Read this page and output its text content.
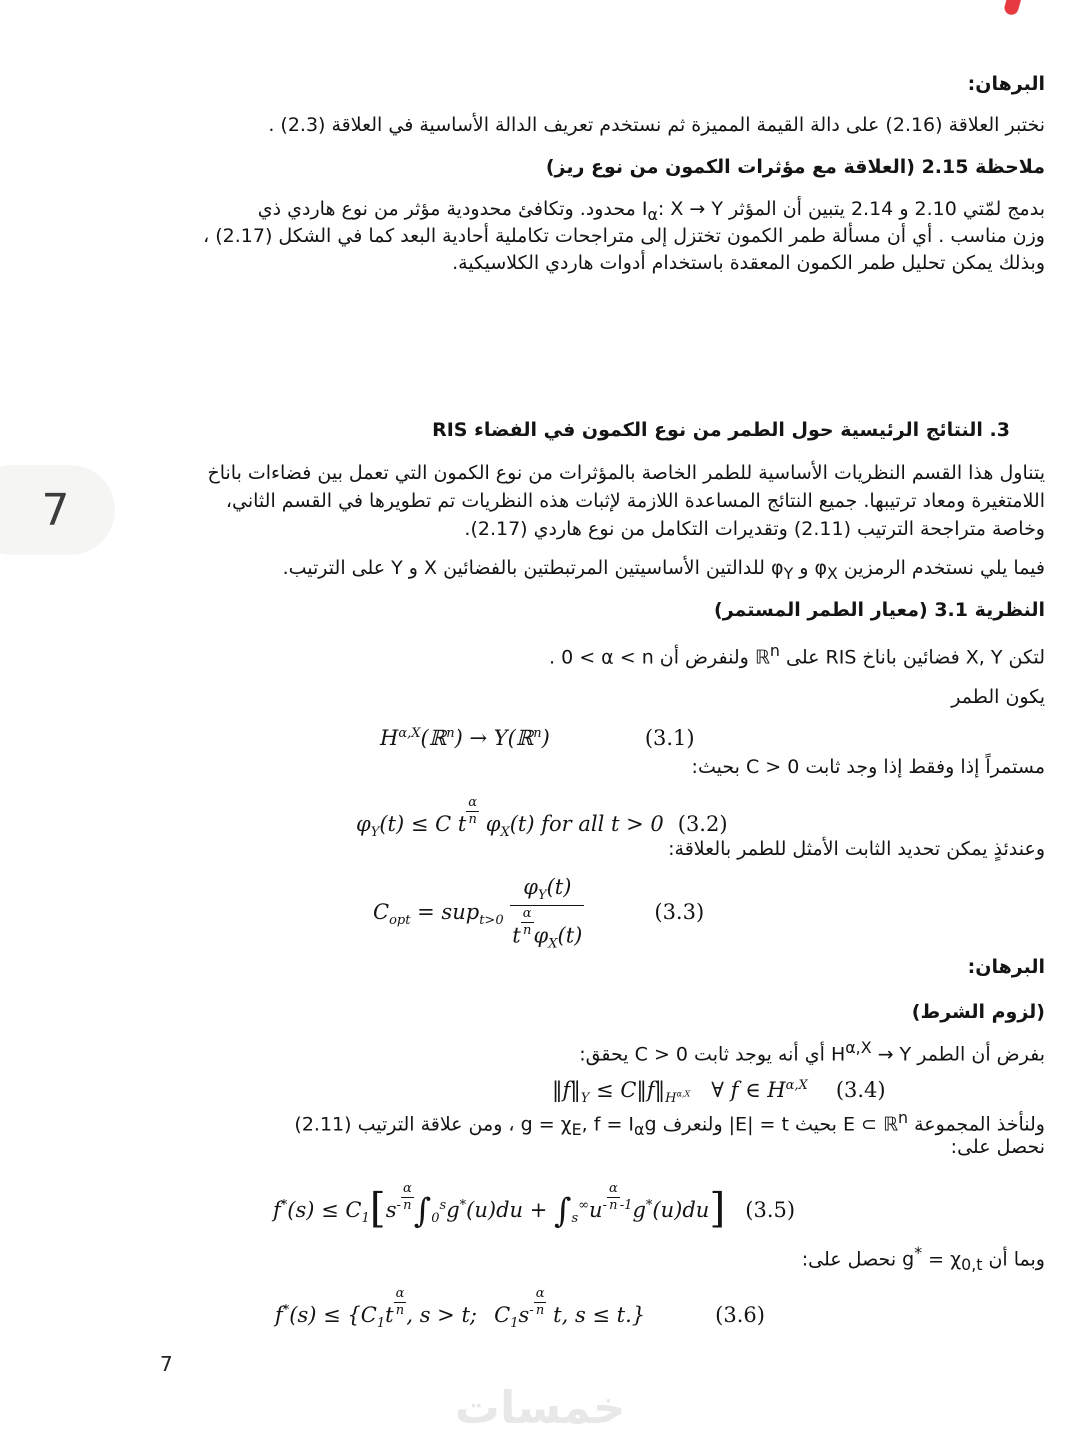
7
البرهان:
نختبر العلاقة (2.16) على دالة القيمة المميزة ثم نستخدم تعريف الدالة الأساسية في العلاقة (2.3) .
ملاحظة 2.15 (العلاقة مع مؤثرات الكمون من نوع ريز)
بدمج لمّتي 2.10 و 2.14 يتبين أن المؤثر $I_\alpha$: X → Y محدود. وتكافئ محدودية مؤثر من نوع هاردي ذي
وزن مناسب . أي أن مسألة طمر الكمون تختزل إلى متراجحات تكاملية أحادية البعد كما في الشكل (2.17) ،
وبذلك يمكن تحليل طمر الكمون المعقدة باستخدام أدوات هاردي الكلاسيكية.
3. النتائج الرئيسية حول الطمر من نوع الكمون في الفضاء RIS
يتناول هذا القسم النظريات الأساسية للطمر الخاصة بالمؤثرات من نوع الكمون التي تعمل بين فضاءات باناخ
اللامتغيرة ومعاد ترتيبها. جميع النتائج المساعدة اللازمة لإثبات هذه النظريات تم تطويرها في القسم الثاني،
وخاصة متراجحة الترتيب (2.11) وتقديرات التكامل من نوع هاردي (2.17).
فيما يلي نستخدم الرمزين $\varphi_X$ و $\varphi_Y$ للدالتين الأساسيتين المرتبطتين بالفضائين X و Y على الترتيب.
النظرية 3.1 (معيار الطمر المستمر)
لتكن X, Y فضائين باناخ RIS على ℝ$^n$ ولنفرض أن ⁦0 < α < n⁩ .
يكون الطمر
$H^{\alpha,X}(ℝ^n)$ → Y(ℝ$^n$)	(3.1)
مستمراً إذا وفقط إذا وجد ثابت ⁦C > 0⁩ بحيث:
$\varphi_Y(t) \le C$ t $^{\frac{\alpha}{n}}$ $\varphi_X(t)$ for all t > 0 (3.2)
وعندئذٍ يمكن تحديد الثابت الأمثل للطمر بالعلاقة:
$C_{opt} = sup_{t>0}$ $\varphi_Y(t)$
t $^{\frac{\alpha}{n}}$ $\varphi_X(t)$	(3.3)
البرهان:
(لزوم الشرط)
بفرض أن الطمر $H^{\alpha,X} \to Y$ أي أنه يوجد ثابت ⁦C > 0⁩ يحقق:
$‖f‖_Y$ ≤ $C‖f‖_{H^{\alpha,X}}$ ∀ f ∈ $H^{\alpha,X}$ (3.4)
ولنأخذ المجموعة E ⊂ ℝ$^n$ بحيث ⁦|E| = t⁩ ولنعرف $g = \chi_E$, $f = I_\alpha g$ ، ومن علاقة الترتيب (2.11)
نحصل على:
$f^*(s) \le C_1[s^{- \frac{\alpha}{n}}$ $\int_0^sg^*(u)du + \int_s^\infty u^{- \frac{\alpha}{n} -1}g^*(u)du$] (3.5)
وبما أن $g^* = \chi_{0,t}$ نحصل على:
$f^*(s) \le \{C_1t$ $^{\frac{\alpha}{n}}$ , s > t;  $C_1s^{- \frac{\alpha}{n}}$ t, s ≤ t.}	(3.6)
7
خمسات
